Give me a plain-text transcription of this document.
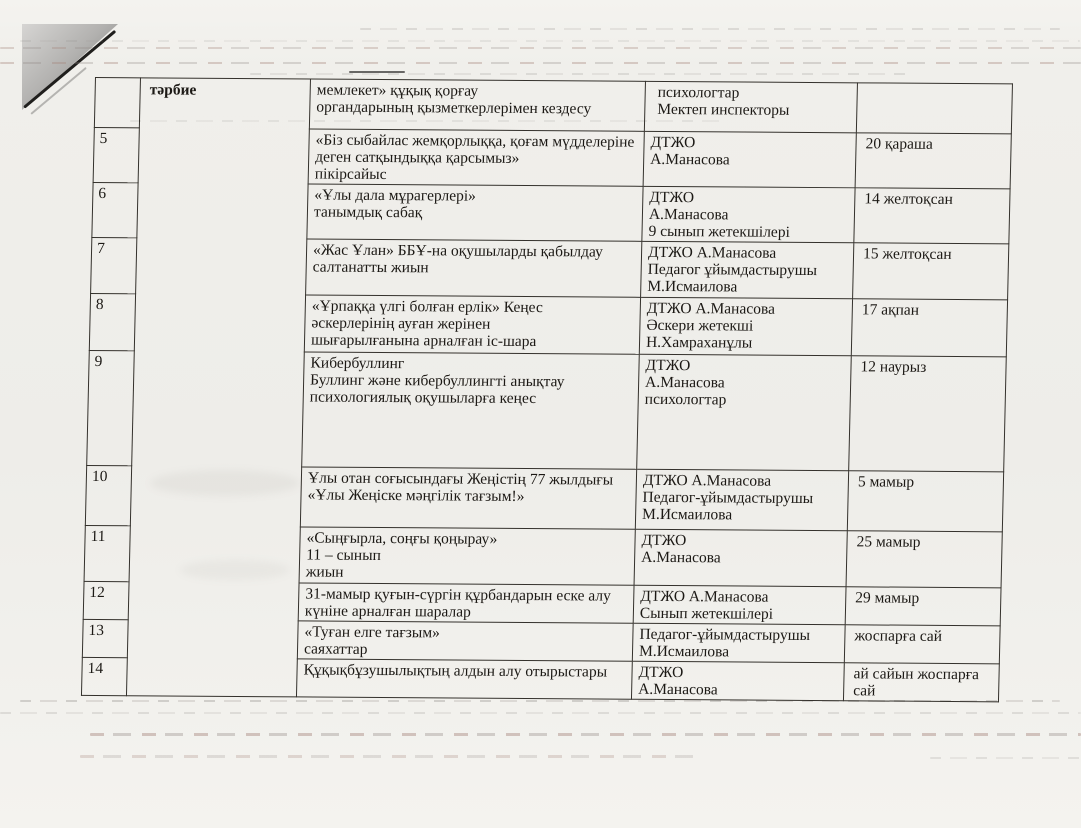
	тәрбие	мемлекет» құқық қорғау
органдарының қызметкерлерімен кездесу	психологтар
Мектеп инспекторы	
5		«Біз сыбайлас жемқорлыққа, қоғам мүдделеріне
деген сатқындыққа қарсымыз»
пікірсайыс	ДТЖО
А.Манасова	20 қараша
6		«Ұлы дала мұрагерлері»
танымдық сабақ	ДТЖО
А.Манасова
9 сынып жетекшілері	14 желтоқсан
7		«Жас Ұлан» ББҰ-на оқушыларды қабылдау
салтанатты жиын	ДТЖО А.Манасова
Педагог ұйымдастырушы
М.Исмаилова	15 желтоқсан
8		«Ұрпаққа үлгі болған ерлік» Кеңес
әскерлерінің ауған жерінен
шығарылғанына арналған іс-шара	ДТЖО А.Манасова
Әскери жетекші
Н.Хамраханұлы	17 ақпан
9		Кибербуллинг
Буллинг және кибербуллингті анықтау
психологиялық оқушыларға кеңес	ДТЖО
А.Манасова
психологтар	12 наурыз
10		Ұлы отан соғысындағы Жеңістің 77 жылдығы
«Ұлы Жеңіске мәңгілік тағзым!»	ДТЖО А.Манасова
Педагог-ұйымдастырушы
М.Исмаилова	5 мамыр
11		«Сыңғырла, соңғы қоңырау»
11 – сынып
жиын	ДТЖО
А.Манасова	25 мамыр
12		31-мамыр қуғын-сүргін құрбандарын еске алу
күніне арналған шаралар	ДТЖО А.Манасова
Сынып жетекшілері	29 мамыр
13		«Туған елге тағзым»
саяхаттар	Педагог-ұйымдастырушы
М.Исмаилова	жоспарға сай
14		Құқықбұзушылықтың алдын алу отырыстары	ДТЖО
А.Манасова	ай сайын жоспарға
сай
